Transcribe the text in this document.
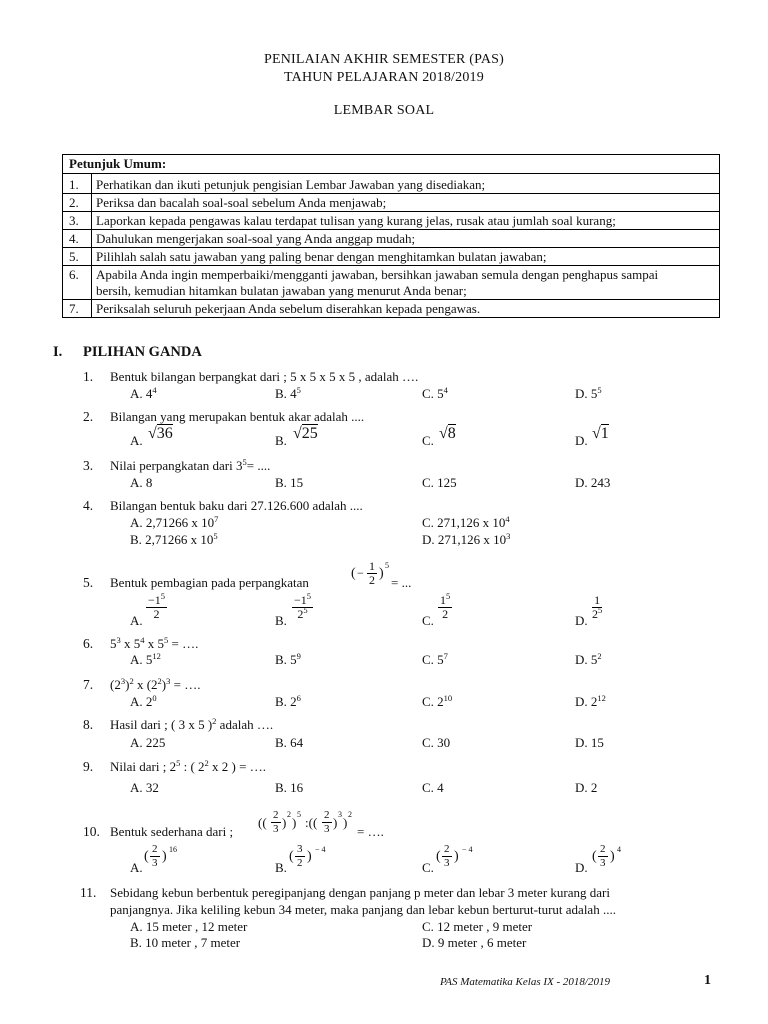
PENILAIAN AKHIR SEMESTER (PAS)
TAHUN PELAJARAN 2018/2019
LEMBAR SOAL
Petunjuk Umum:
1. Perhatikan dan ikuti petunjuk pengisian Lembar Jawaban yang disediakan;
2. Periksa dan bacalah soal-soal sebelum Anda menjawab;
3. Laporkan kepada pengawas kalau terdapat tulisan yang kurang jelas, rusak atau jumlah soal kurang;
4. Dahulukan mengerjakan soal-soal yang Anda anggap mudah;
5. Pilihlah salah satu jawaban yang paling benar dengan menghitamkan bulatan jawaban;
6. Apabila Anda ingin memperbaiki/mengganti jawaban, bersihkan jawaban semula dengan penghapus sampai
bersih, kemudian hitamkan bulatan jawaban yang menurut Anda benar;
7. Periksalah seluruh pekerjaan Anda sebelum diserahkan kepada pengawas.
I. PILIHAN GANDA
1. Bentuk bilangan berpangkat dari ; 5 x 5 x 5 x 5 , adalah ….
A. $4^4$	B. $4^5$	C. $5^4$	D. $5^5$
2. Bilangan yang merupakan bentuk akar adalah ....
A. √36	B. √25	C. √8	D. √1
3. Nilai perpangkatan dari $3^5=$ ....
A. 8	B. 15	C. 125	D. 243
4. Bilangan bentuk baku dari 27.126.600 adalah ....
A. 2,71266 x $10^7$	C. 271,126 x $10^4$
B. 2,71266 x $10^5$	D. 271,126 x $10^3$
5. Bentuk pembagian pada perpangkatan
( − $\frac{1}{2}$ )
5
= ...
A. $\frac{-1^5}{2}$	B. $\frac{-1^5}{2^5}$	C. $\frac{1^5}{2}$	D. $\frac{1}{2^5}$
6. $5^3$ x $5^4$ x $5^5$ = ….
A. $5^{12}$	B. $5^9$	C. $5^7$	D. $5^2$
7. $(2^3)^2$ x $(2^2)^3$ = ….
A. $2^0$	B. $2^6$	C. $2^{10}$	D. $2^{12}$
8. Hasil dari ; ( 3 x 5 )$^2$ adalah ….
A. 225	B. 64	C. 30	D. 15
9. Nilai dari ; $2^5$ : ( $2^2$ x 2 ) = ….
A. 32	B. 16	C. 4	D. 2
10. Bentuk sederhana dari ;
(( $\frac{2}{3}$ )
2
)
5
:(( $\frac{2}{3}$ )
3
)
2
= ….
A.
( $\frac{2}{3}$ ) 16
B.
( $\frac{3}{2}$ ) − 4
C.
( $\frac{2}{3}$ ) − 4
D.
( $\frac{2}{3}$ ) 4
11. Sebidang kebun berbentuk peregipanjang dengan panjang p meter dan lebar 3 meter kurang dari
panjangnya. Jika keliling kebun 34 meter, maka panjang dan lebar kebun berturut-turut adalah ....
A. 15 meter , 12 meter	C. 12 meter , 9 meter
B. 10 meter , 7 meter	D. 9 meter , 6 meter
PAS Matematika Kelas IX - 2018/2019	1
